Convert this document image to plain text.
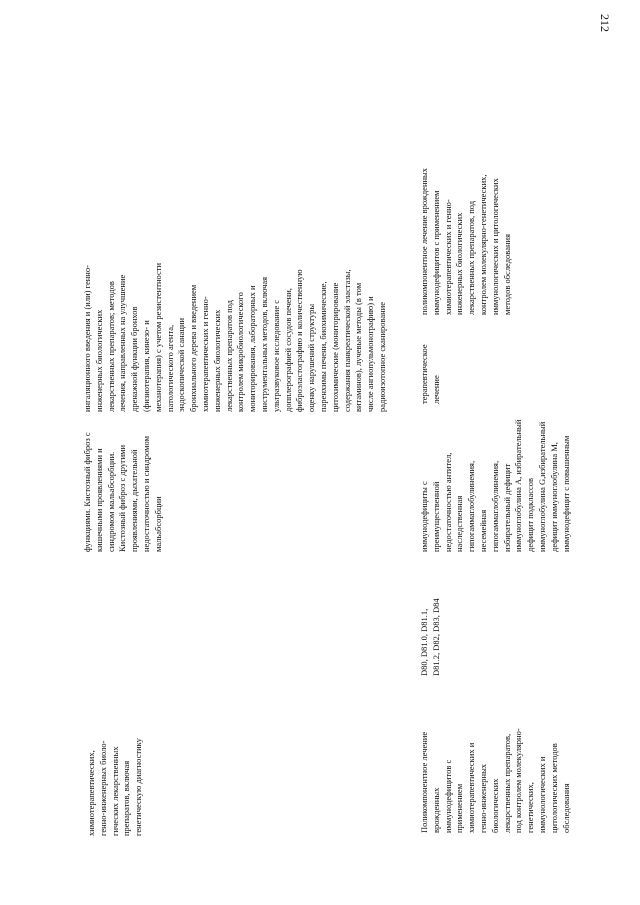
212
функциями. Кистозный фиброз с кишечными проявлениями и синдромом мальабсорбции. Кистозный фиброз с другими проявлениями, дыхательной недостаточностью и синдромом мальабсорбции
ингаляционного введения и (или) генно- инженерных биологических лекарственных препаратов; методов лечения, направленных на улучшение дренажной функции бронхов (физиотерапия, кинезо- и механотерапия) с учетом резистентности патологического агента, эндоскопической санации бронхиального дерева и введением химиотерапевтических и генно- инженерных биологических лекарственных препаратов под контролем микробиологического мониторирования, лабораторных и инструментальных методов, включая ультразвуковое исследование с допплерографией сосудов печени, фиброэластографию и количественную оценку нарушений структуры паренхимы печени, биохимические, цитохимические (мониторирование содержания панкреатической эластазы, витаминов), лучевые методы (в том числе ангиопульмонографию) и радиоизотопное сканирование
химиотерапевтических, генно-инженерных биоло- гических лекарственных препаратов, включая генетическую диагностику	Поликомпонентное лечение врожденных иммунодефицитов с применением химиотерапевтических и генно-инженерных биологических лекарственных препаратов, под контролем молекулярно- генетических, иммунологических и цитологических методов обследования
D80, D81.0, D81.1, D81.2, D82, D83, D84
иммунодефициты с преимущественной недостаточностью антител, наследственная гипогаммаглобулинемия, несемейная гипогаммаглобулинемия, избирательный дефицит иммуноглобулина A, избирательный дефицит подклассов иммуноглобулина G,избирательный дефицит иммуноглобулина M, иммунодефицит с повышенным
терапевтическое лечение
поликомпонентное лечение врожденных иммунодефицитов с применением химиотерапевтических и генно- инженерных биологических лекарственных препаратов, под контролем молекулярно-генетических, иммунологических и цитологических методов обследования
